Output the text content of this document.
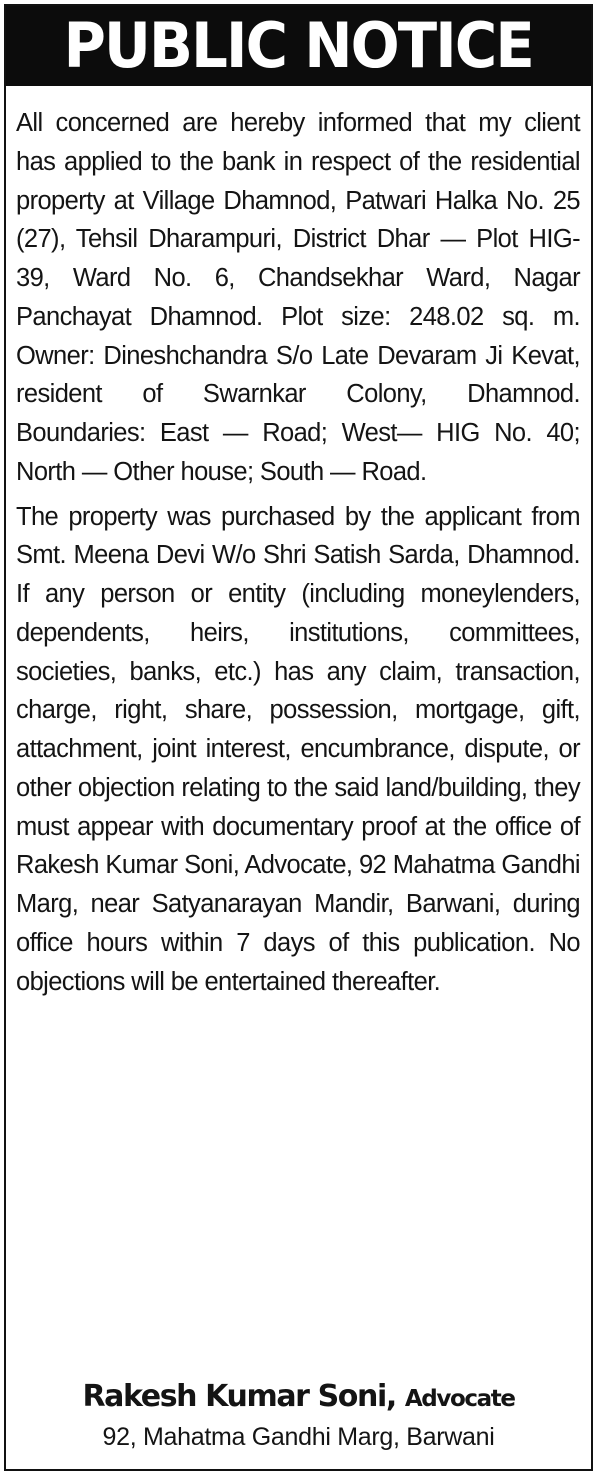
PUBLIC NOTICE

All concerned are hereby informed that my client has applied to the bank in respect of the residential property at Village Dhamnod, Patwari Halka No. 25 (27), Tehsil Dharampuri, District Dhar — Plot HIG-39, Ward No. 6, Chandsekhar Ward, Nagar Panchayat Dhamnod. Plot size: 248.02 sq. m. Owner: Dineshchandra S/o Late Devaram Ji Kevat, resident of Swarnkar Colony, Dhamnod. Boundaries: East — Road; West— HIG No. 40; North — Other house; South — Road.

The property was purchased by the applicant from Smt. Meena Devi W/o Shri Satish Sarda, Dhamnod. If any person or entity (including moneylenders, dependents, heirs, institutions, committees, societies, banks, etc.) has any claim, transaction, charge, right, share, possession, mortgage, gift, attachment, joint interest, encumbrance, dispute, or other objection relating to the said land/building, they must appear with documentary proof at the office of Rakesh Kumar Soni, Advocate, 92 Mahatma Gandhi Marg, near Satyanarayan Mandir, Barwani, during office hours within 7 days of this publication. No objections will be entertained thereafter.

Rakesh Kumar Soni, Advocate
92, Mahatma Gandhi Marg, Barwani
